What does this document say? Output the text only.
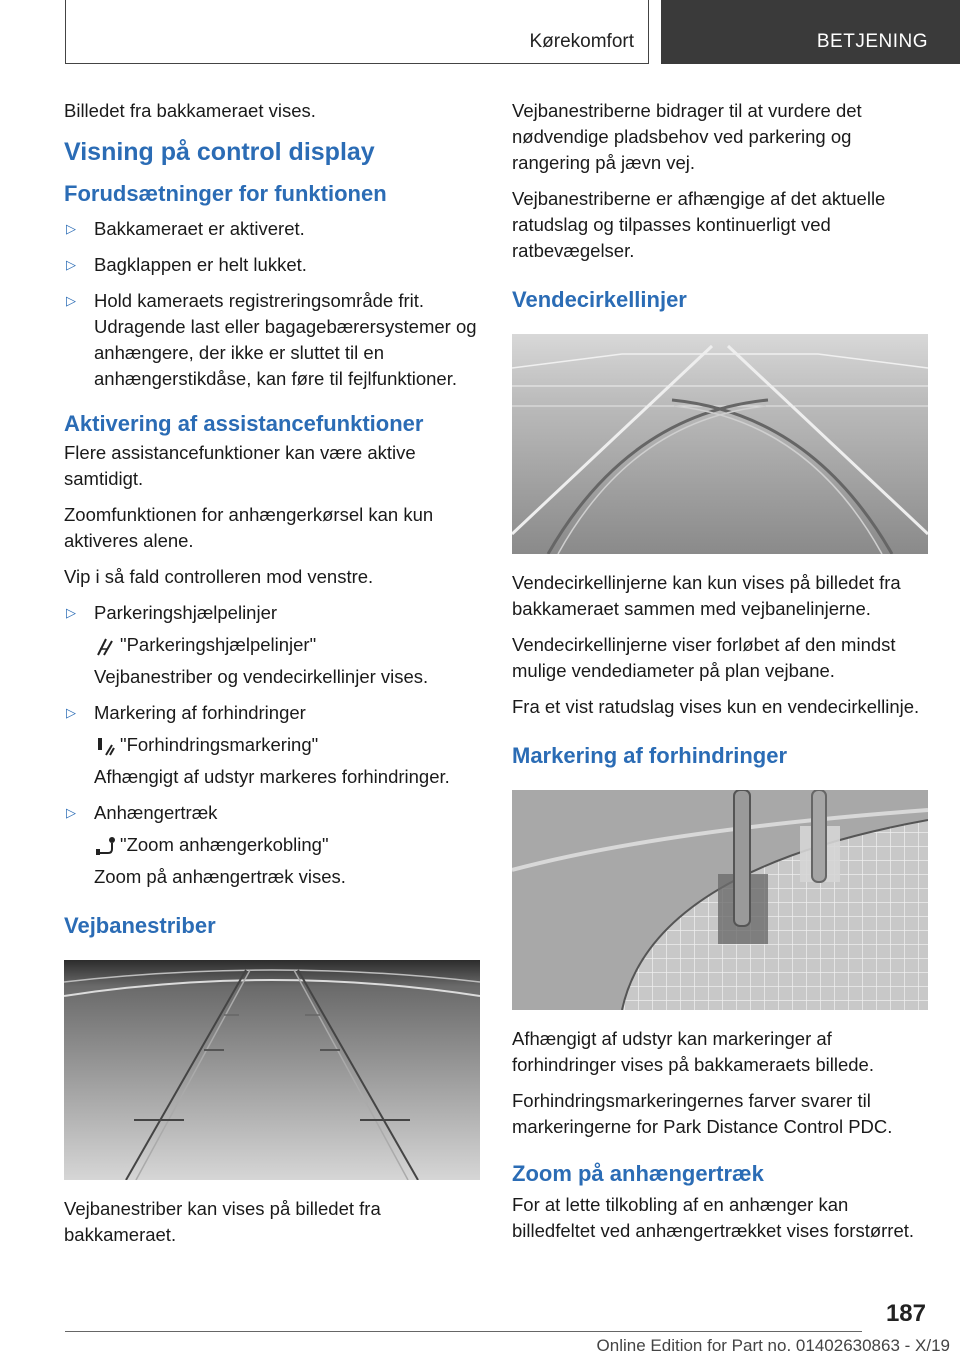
Kørekomfort	BETJENING

Billedet fra bakkameraet vises.

Visning på control display
Forudsætninger for funktionen
▷ Bakkameraet er aktiveret.
▷ Bagklappen er helt lukket.
▷ Hold kameraets registreringsområde frit. Udragende last eller bagagebærersystemer og anhængere, der ikke er sluttet til en anhængerstikdåse, kan føre til fejlfunktioner.
Aktivering af assistancefunktioner

Flere assistancefunktioner kan være aktive samtidigt.

Zoomfunktionen for anhængerkørsel kan kun aktiveres alene.

Vip i så fald controlleren mod venstre.

▷ Parkeringshjælpelinjer
"Parkeringshjælpelinjer"
Vejbanestriber og vendecirkellinjer vises.
▷ Markering af forhindringer
"Forhindringsmarkering"
Afhængigt af udstyr markeres forhindringer.
▷ Anhængertræk
"Zoom anhængerkobling"
Zoom på anhængertræk vises.
Vejbanestriber

Vejbanestriber kan vises på billedet fra bakkameraet.

Vejbanestriberne bidrager til at vurdere det nødvendige pladsbehov ved parkering og rangering på jævn vej.

Vejbanestriberne er afhængige af det aktuelle ratudslag og tilpasses kontinuerligt ved ratbevægelser.

Vendecirkellinjer

Vendecirkellinjerne kan kun vises på billedet fra bakkameraet sammen med vejbanelinjerne.

Vendecirkellinjerne viser forløbet af den mindst mulige vendediameter på plan vejbane.

Fra et vist ratudslag vises kun en vendecirkellinje.

Markering af forhindringer

Afhængigt af udstyr kan markeringer af forhindringer vises på bakkameraets billede.

Forhindringsmarkeringernes farver svarer til markeringerne for Park Distance Control PDC.

Zoom på anhængertræk

For at lette tilkobling af en anhænger kan billedfeltet ved anhængertrækket vises forstørret.

187
Online Edition for Part no. 01402630863 - X/19
